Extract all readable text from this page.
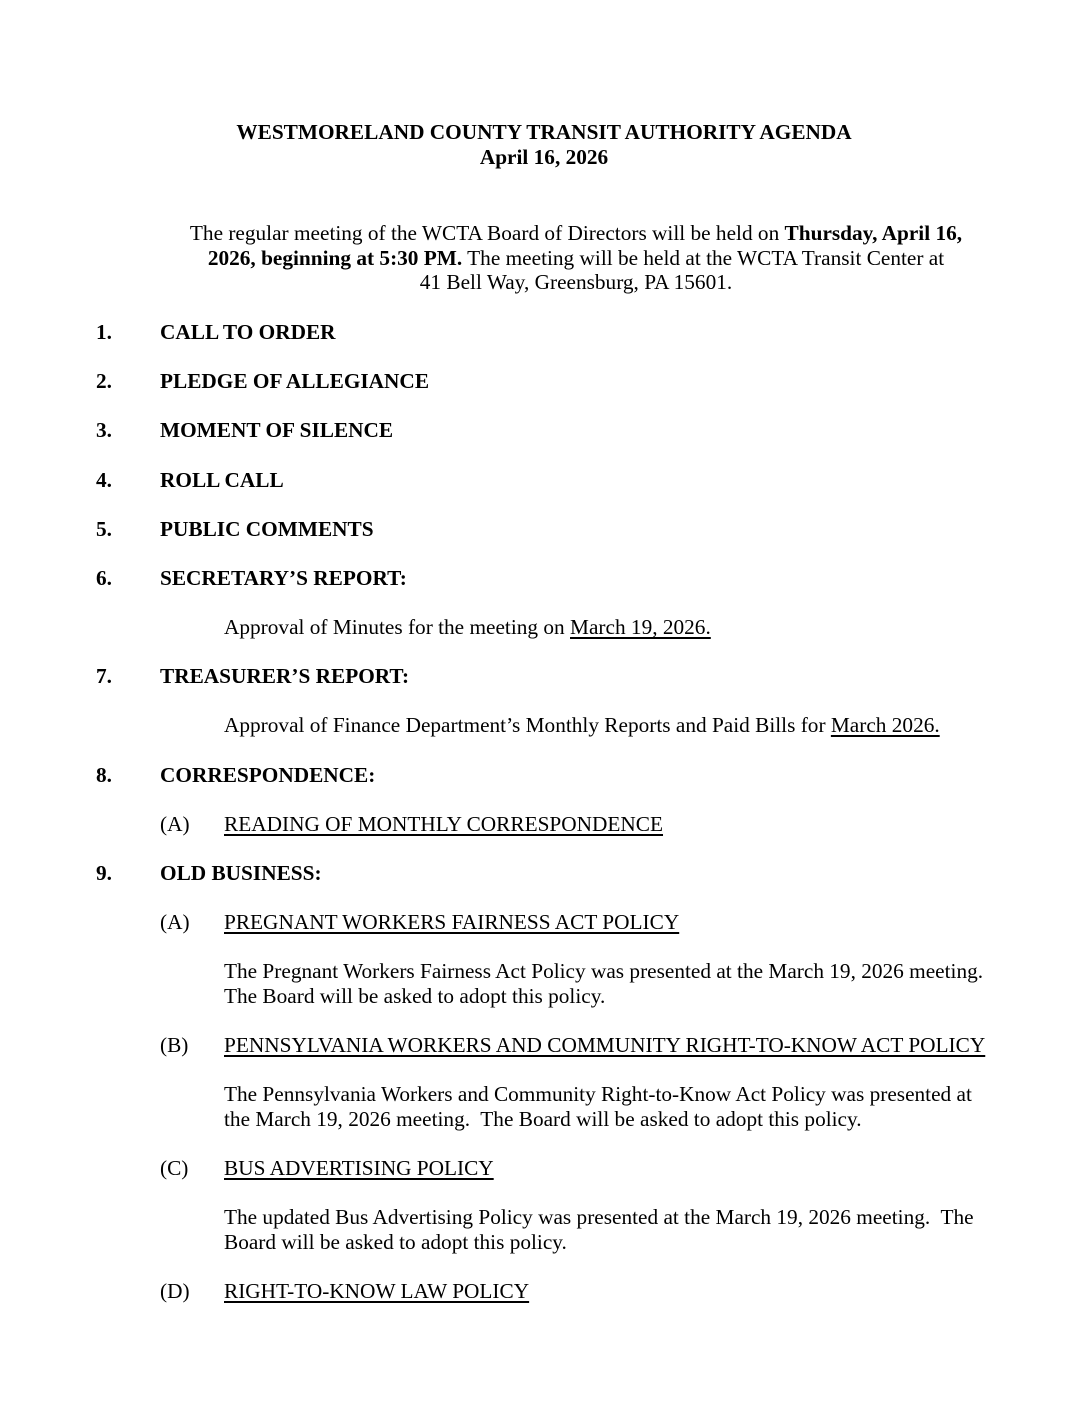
WESTMORELAND COUNTY TRANSIT AUTHORITY AGENDA
April 16, 2026
The regular meeting of the WCTA Board of Directors will be held on Thursday, April 16,
2026, beginning at 5:30 PM. The meeting will be held at the WCTA Transit Center at
41 Bell Way, Greensburg, PA 15601.
1. CALL TO ORDER
2. PLEDGE OF ALLEGIANCE
3. MOMENT OF SILENCE
4. ROLL CALL
5. PUBLIC COMMENTS
6. SECRETARY’S REPORT:
Approval of Minutes for the meeting on March 19, 2026.
7. TREASURER’S REPORT:
Approval of Finance Department’s Monthly Reports and Paid Bills for March 2026.
8. CORRESPONDENCE:
(A) READING OF MONTHLY CORRESPONDENCE
9. OLD BUSINESS:
(A) PREGNANT WORKERS FAIRNESS ACT POLICY
The Pregnant Workers Fairness Act Policy was presented at the March 19, 2026 meeting.  The Board will be asked to adopt this policy.
(B) PENNSYLVANIA WORKERS AND COMMUNITY RIGHT-TO-KNOW ACT POLICY
The Pennsylvania Workers and Community Right-to-Know Act Policy was presented at the March 19, 2026 meeting.  The Board will be asked to adopt this policy.
(C) BUS ADVERTISING POLICY
The updated Bus Advertising Policy was presented at the March 19, 2026 meeting.  The Board will be asked to adopt this policy.
(D) RIGHT-TO-KNOW LAW POLICY
